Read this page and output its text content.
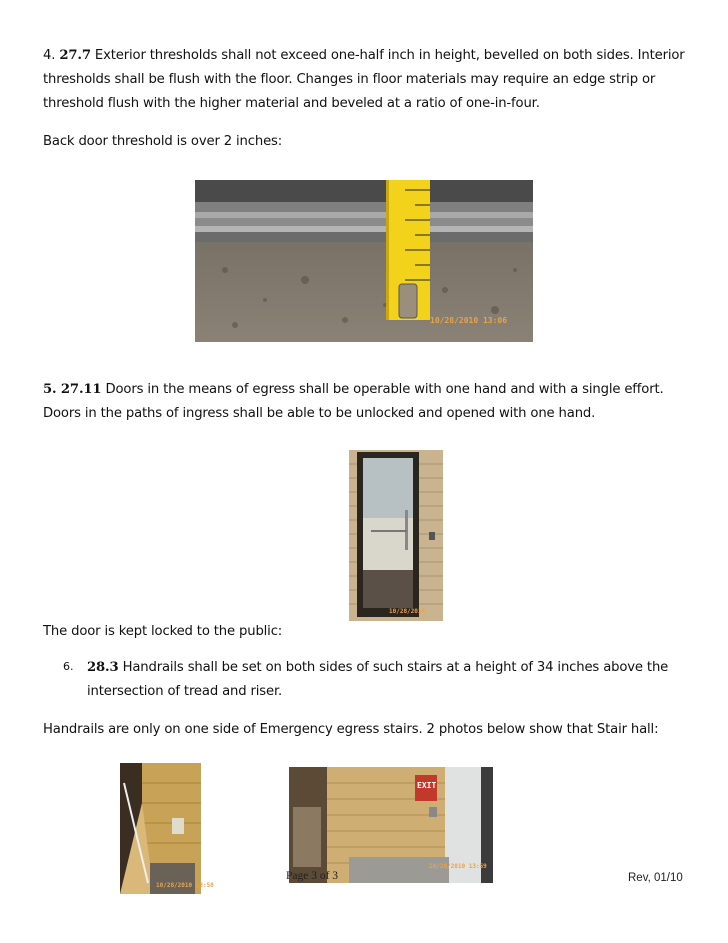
4. 27.7 Exterior thresholds shall not exceed one-half inch in height, bevelled on both sides. Interior thresholds shall be flush with the floor. Changes in floor materials may require an edge strip or threshold flush with the higher material and beveled at a ratio of one-in-four.

Back door threshold is over 2 inches:

10/28/2010 13:06

5. 27.11 Doors in the means of egress shall be operable with one hand and with a single effort. Doors in the paths of ingress shall be able to be unlocked and opened with one hand.

10/28/2010

The door is kept locked to the public:

6. 28.3 Handrails shall be set on both sides of such stairs at a height of 34 inches above the intersection of tread and riser.

Handrails are only on one side of Emergency egress stairs. 2 photos below show that Stair hall:

10/28/2010 13:58
EXIT
10/28/2010 13:59
Page 3 of 3	Rev, 01/10
